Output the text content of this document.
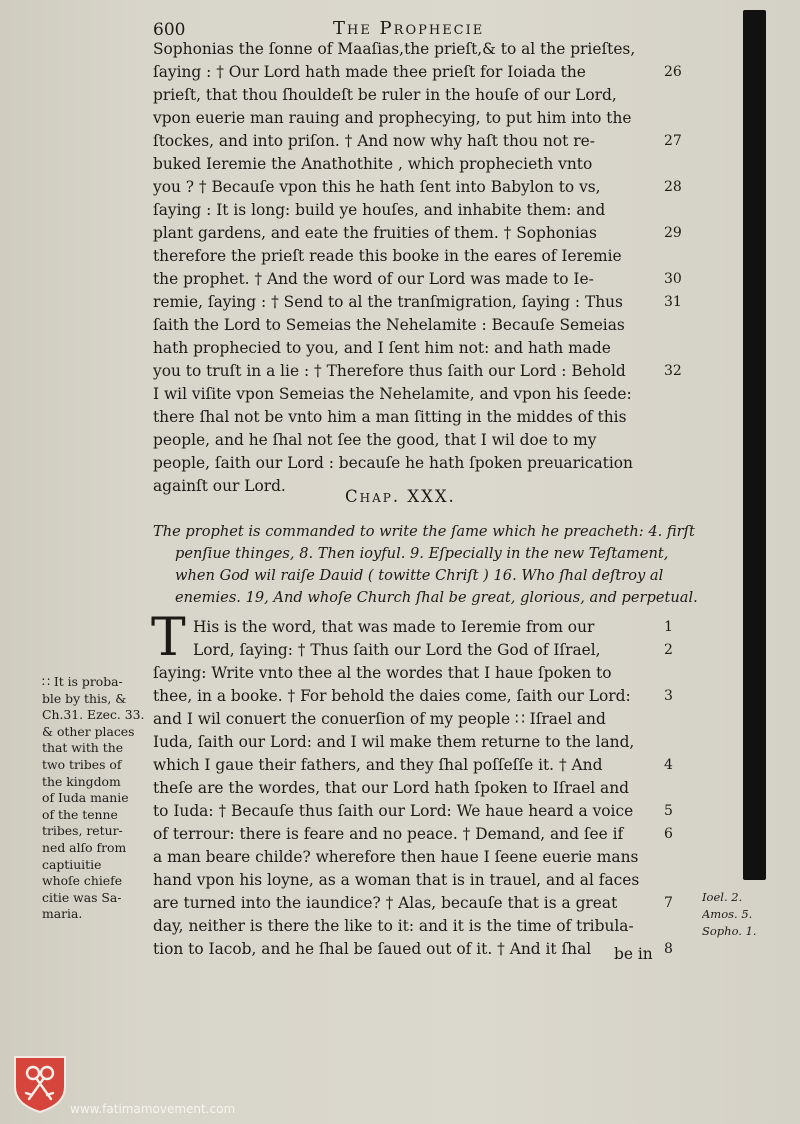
600	The Prophecie
Sophonias the ſonne of Maaſias,the prieſt,& to al the prieſtes,
ſaying : † Our Lord hath made thee prieſt for Ioiada the
prieſt, that thou ſhouldeſt be ruler in the houſe of our Lord,
vpon euerie man rauing and prophecying, to put him into the
ſtockes, and into priſon. † And now why haſt thou not re-
buked Ieremie the Anathothite , which prophecieth vnto
you ? † Becauſe vpon this he hath ſent into Babylon to vs,
ſaying : It is long: build ye houſes, and inhabite them: and
plant gardens, and eate the fruities of them. † Sophonias
therefore the prieſt reade this booke in the eares of Ieremie
the prophet. † And the word of our Lord was made to Ie-
remie, ſaying : † Send to al the tranſmigration, ſaying : Thus
ſaith the Lord to Semeias the Nehelamite : Becauſe Semeias
hath prophecied to you, and I ſent him not: and hath made
you to truſt in a lie : † Therefore thus ſaith our Lord : Behold
I wil viſite vpon Semeias the Nehelamite, and vpon his ſeede:
there ſhal not be vnto him a man ſitting in the middes of this
people, and he ſhal not ſee the good, that I wil doe to my
people, ſaith our Lord : becauſe he hath ſpoken preuarication
againſt our Lord.
26
27
28
29
30
31
32
Chap. XXX.
The prophet is commanded to write the ſame which he preacheth: 4. firſt
penſiue thinges, 8. Then ioyful. 9. Eſpecially in the new Teſtament,
when God wil raiſe Dauid ( towitte Chriſt ) 16. Who ſhal deſtroy al
enemies. 19, And whoſe Church ſhal be great, glorious, and perpetual.
T His is the word, that was made to Ieremie from our
Lord, ſaying: † Thus ſaith our Lord the God of Iſrael,
ſaying: Write vnto thee al the wordes that I haue ſpoken to
thee, in a booke. † For behold the daies come, ſaith our Lord:
and I wil conuert the conuerſion of my people ∷ Iſrael and
Iuda, ſaith our Lord: and I wil make them returne to the land,
which I gaue their fathers, and they ſhal poſſeſſe it. † And
theſe are the wordes, that our Lord hath ſpoken to Iſrael and
to Iuda: † Becauſe thus ſaith our Lord: We haue heard a voice
of terrour: there is feare and no peace. † Demand, and ſee if
a man beare childe? wherefore then haue I ſeene euerie mans
hand vpon his loyne, as a woman that is in trauel, and al faces
are turned into the iaundice? † Alas, becauſe that is a great
day, neither is there the like to it: and it is the time of tribula-
tion to Iacob, and he ſhal be ſaued out of it. † And it ſhal
1
2
3
4
5
6
7
8
be in
∷ It is proba-
ble by this, &
Ch.31. Ezec. 33.
& other places
that with the
two tribes of
the kingdom
of Iuda manie
of the tenne
tribes, retur-
ned alſo from
captiuitie
whoſe chiefe
citie was Sa-
maria.
Ioel. 2.
Amos. 5.
Sopho. 1.
www.fatimamovement.com
